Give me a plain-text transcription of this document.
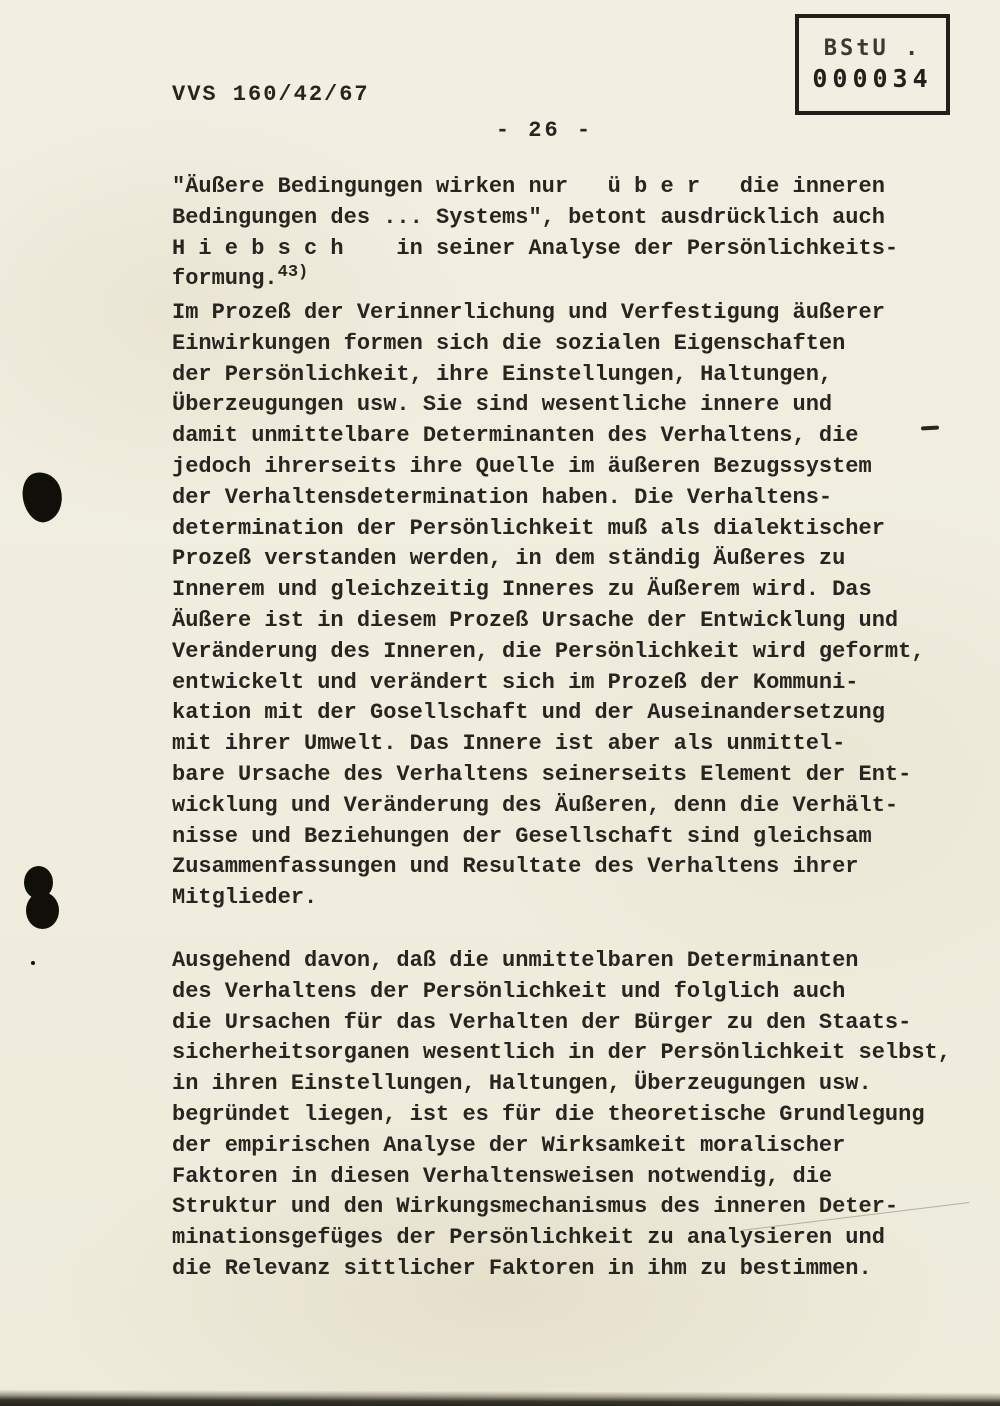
VVS 160/42/67
- 26 -
BStU .
000034
"Äußere Bedingungen wirken nur   ü b e r   die inneren
Bedingungen des ... Systems", betont ausdrücklich auch
H i e b s c h    in seiner Analyse der Persönlichkeits-
formung.$^{43)}$
Im Prozeß der Verinnerlichung und Verfestigung äußerer
Einwirkungen formen sich die sozialen Eigenschaften
der Persönlichkeit, ihre Einstellungen, Haltungen,
Überzeugungen usw. Sie sind wesentliche innere und
damit unmittelbare Determinanten des Verhaltens, die
jedoch ihrerseits ihre Quelle im äußeren Bezugssystem
der Verhaltensdetermination haben. Die Verhaltens-
determination der Persönlichkeit muß als dialektischer
Prozeß verstanden werden, in dem ständig Äußeres zu
Innerem und gleichzeitig Inneres zu Äußerem wird. Das
Äußere ist in diesem Prozeß Ursache der Entwicklung und
Veränderung des Inneren, die Persönlichkeit wird geformt,
entwickelt und verändert sich im Prozeß der Kommuni-
kation mit der Gosellschaft und der Auseinandersetzung
mit ihrer Umwelt. Das Innere ist aber als unmittel-
bare Ursache des Verhaltens seinerseits Element der Ent-
wicklung und Veränderung des Äußeren, denn die Verhält-
nisse und Beziehungen der Gesellschaft sind gleichsam
Zusammenfassungen und Resultate des Verhaltens ihrer
Mitglieder.
Ausgehend davon, daß die unmittelbaren Determinanten
des Verhaltens der Persönlichkeit und folglich auch
die Ursachen für das Verhalten der Bürger zu den Staats-
sicherheitsorganen wesentlich in der Persönlichkeit selbst,
in ihren Einstellungen, Haltungen, Überzeugungen usw.
begründet liegen, ist es für die theoretische Grundlegung
der empirischen Analyse der Wirksamkeit moralischer
Faktoren in diesen Verhaltensweisen notwendig, die
Struktur und den Wirkungsmechanismus des inneren Deter-
minationsgefüges der Persönlichkeit zu analysieren und
die Relevanz sittlicher Faktoren in ihm zu bestimmen.
